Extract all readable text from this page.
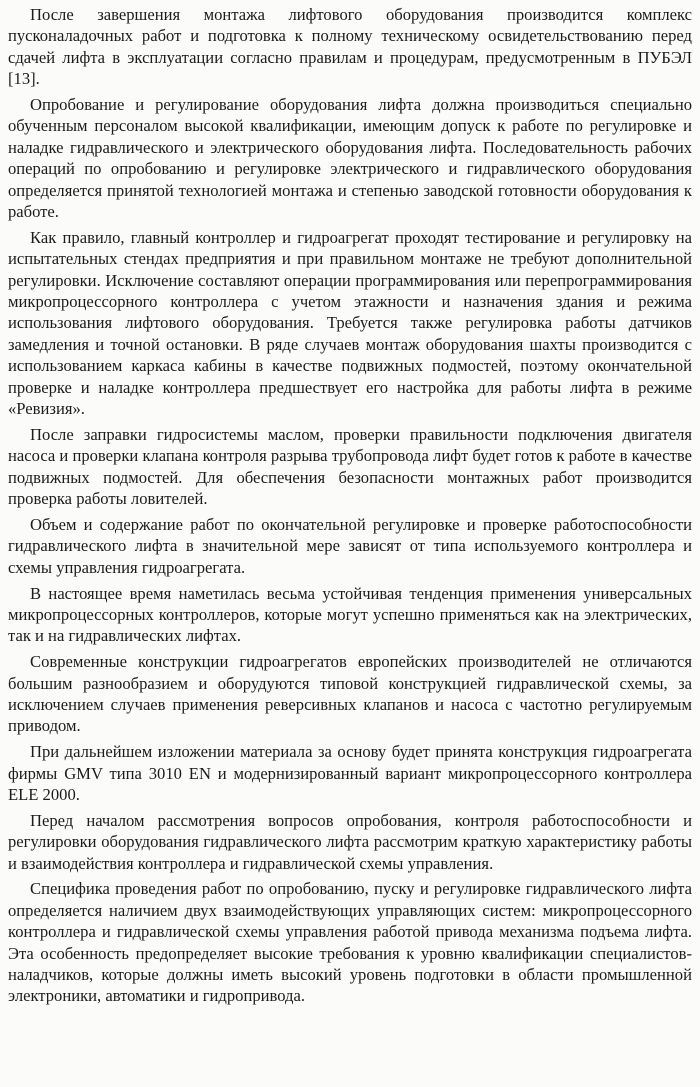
После завершения монтажа лифтового оборудования производится комплекс пусконаладочных работ и подготовка к полному техническому освидетельствованию перед сдачей лифта в эксплуатации согласно правилам и процедурам, предусмотренным в ПУБЭЛ [13].

Опробование и регулирование оборудования лифта должна производиться специально обученным персоналом высокой квалификации, имеющим допуск к работе по регулировке и наладке гидравлического и электрического оборудования лифта. Последовательность рабочих операций по опробованию и регулировке электрического и гидравлического оборудования определяется принятой технологией монтажа и степенью заводской готовности оборудования к работе.

Как правило, главный контроллер и гидроагрегат проходят тестирование и регулировку на испытательных стендах предприятия и при правильном монтаже не требуют дополнительной регулировки. Исключение составляют операции программирования или перепрограммирования микропроцессорного контроллера с учетом этажности и назначения здания и режима использования лифтового оборудования. Требуется также регулировка работы датчиков замедления и точной остановки. В ряде случаев монтаж оборудования шахты производится с использованием каркаса кабины в качестве подвижных подмостей, поэтому окончательной проверке и наладке контроллера предшествует его настройка для работы лифта в режиме «Ревизия».

После заправки гидросистемы маслом, проверки правильности подключения двигателя насоса и проверки клапана контроля разрыва трубопровода лифт будет готов к работе в качестве подвижных подмостей. Для обеспечения безопасности монтажных работ производится проверка работы ловителей.

Объем и содержание работ по окончательной регулировке и проверке работоспособности гидравлического лифта в значительной мере зависят от типа используемого контроллера и схемы управления гидроагрегата.

В настоящее время наметилась весьма устойчивая тенденция применения универсальных микропроцессорных контроллеров, которые могут успешно применяться как на электрических, так и на гидравлических лифтах.

Современные конструкции гидроагрегатов европейских производителей не отличаются большим разнообразием и оборудуются типовой конструкцией гидравлической схемы, за исключением случаев применения реверсивных клапанов и насоса с частотно регулируемым приводом.

При дальнейшем изложении материала за основу будет принята конструкция гидроагрегата фирмы GMV типа 3010 EN и модернизированный вариант микропроцессорного контроллера ELE 2000.

Перед началом рассмотрения вопросов опробования, контроля работоспособности и регулировки оборудования гидравлического лифта рассмотрим краткую характеристику работы и взаимодействия контроллера и гидравлической схемы управления.

Специфика проведения работ по опробованию, пуску и регулировке гидравлического лифта определяется наличием двух взаимодействующих управляющих систем: микропроцессорного контроллера и гидравлической схемы управления работой привода механизма подъема лифта. Эта особенность предопределяет высокие требования к уровню квалификации специалистов-наладчиков, которые должны иметь высокий уровень подготовки в области промышленной электроники, автоматики и гидропривода.
